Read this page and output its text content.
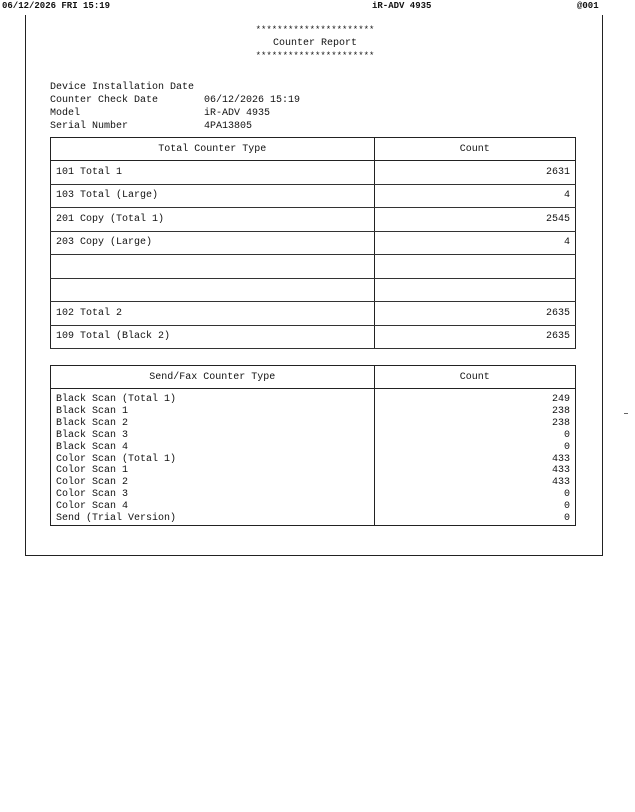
06/12/2026 FRI 15:19	iR-ADV 4935	@001
**********************
Counter Report
**********************
Device Installation Date
Counter Check Date	06/12/2026 15:19
Model	iR-ADV 4935
Serial Number	4PA13805
Total Counter Type	Count
101 Total 1	2631
103 Total (Large)	4
201 Copy (Total 1)	2545
203 Copy (Large)	4

102 Total 2	2635
109 Total (Black 2)	2635
Send/Fax Counter Type	Count
Black Scan (Total 1)	249
Black Scan 1	238
Black Scan 2	238
Black Scan 3	0
Black Scan 4	0
Color Scan (Total 1)	433
Color Scan 1	433
Color Scan 2	433
Color Scan 3	0
Color Scan 4	0
Send (Trial Version)	0
